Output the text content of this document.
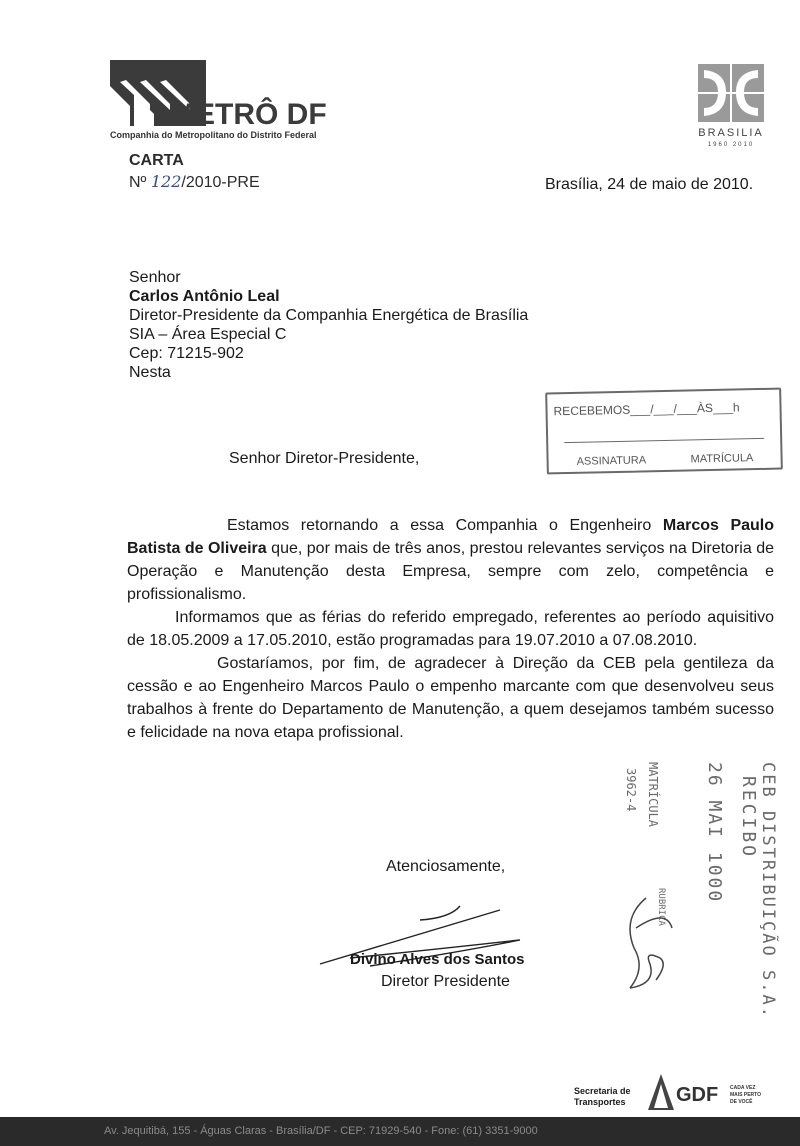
METRÔ DF
Companhia do Metropolitano do Distrito Federal	BRASILIA
1960 2010
CARTA
Nº 122/2010-PRE	Brasília, 24 de maio de 2010.
Senhor
Carlos Antônio Leal
Diretor-Presidente da Companhia Energética de Brasília
SIA – Área Especial C
Cep: 71215-902
Nesta
RECEBEMOS___/___/___ÀS___h
ASSINATURA	MATRÍCULA
Senhor Diretor-Presidente,

Estamos retornando a essa Companhia o Engenheiro Marcos Paulo Batista de Oliveira que, por mais de três anos, prestou relevantes serviços na Diretoria de Operação e Manutenção desta Empresa, sempre com zelo, competência e profissionalismo.

Informamos que as férias do referido empregado, referentes ao período aquisitivo de 18.05.2009 a 17.05.2010, estão programadas para 19.07.2010 a 07.08.2010.

Gostaríamos, por fim, de agradecer à Direção da CEB pela gentileza da cessão e ao Engenheiro Marcos Paulo o empenho marcante com que desenvolveu seus trabalhos à frente do Departamento de Manutenção, a quem desejamos também sucesso e felicidade na nova etapa profissional.

3962-4 MATRÍCULA 26 MAI 1000 RECIBO CEB DISTRIBUIÇÃO S.A.
RUBRICA
Atenciosamente,
Divino Alves dos Santos
Diretor Presidente
Secretaria de
Transportes	GDF CADA VEZ
MAIS PERTO
DE VOCÊ
Av. Jequitibá, 155 - Águas Claras - Brasília/DF - CEP: 71929-540 - Fone: (61) 3351-9000
